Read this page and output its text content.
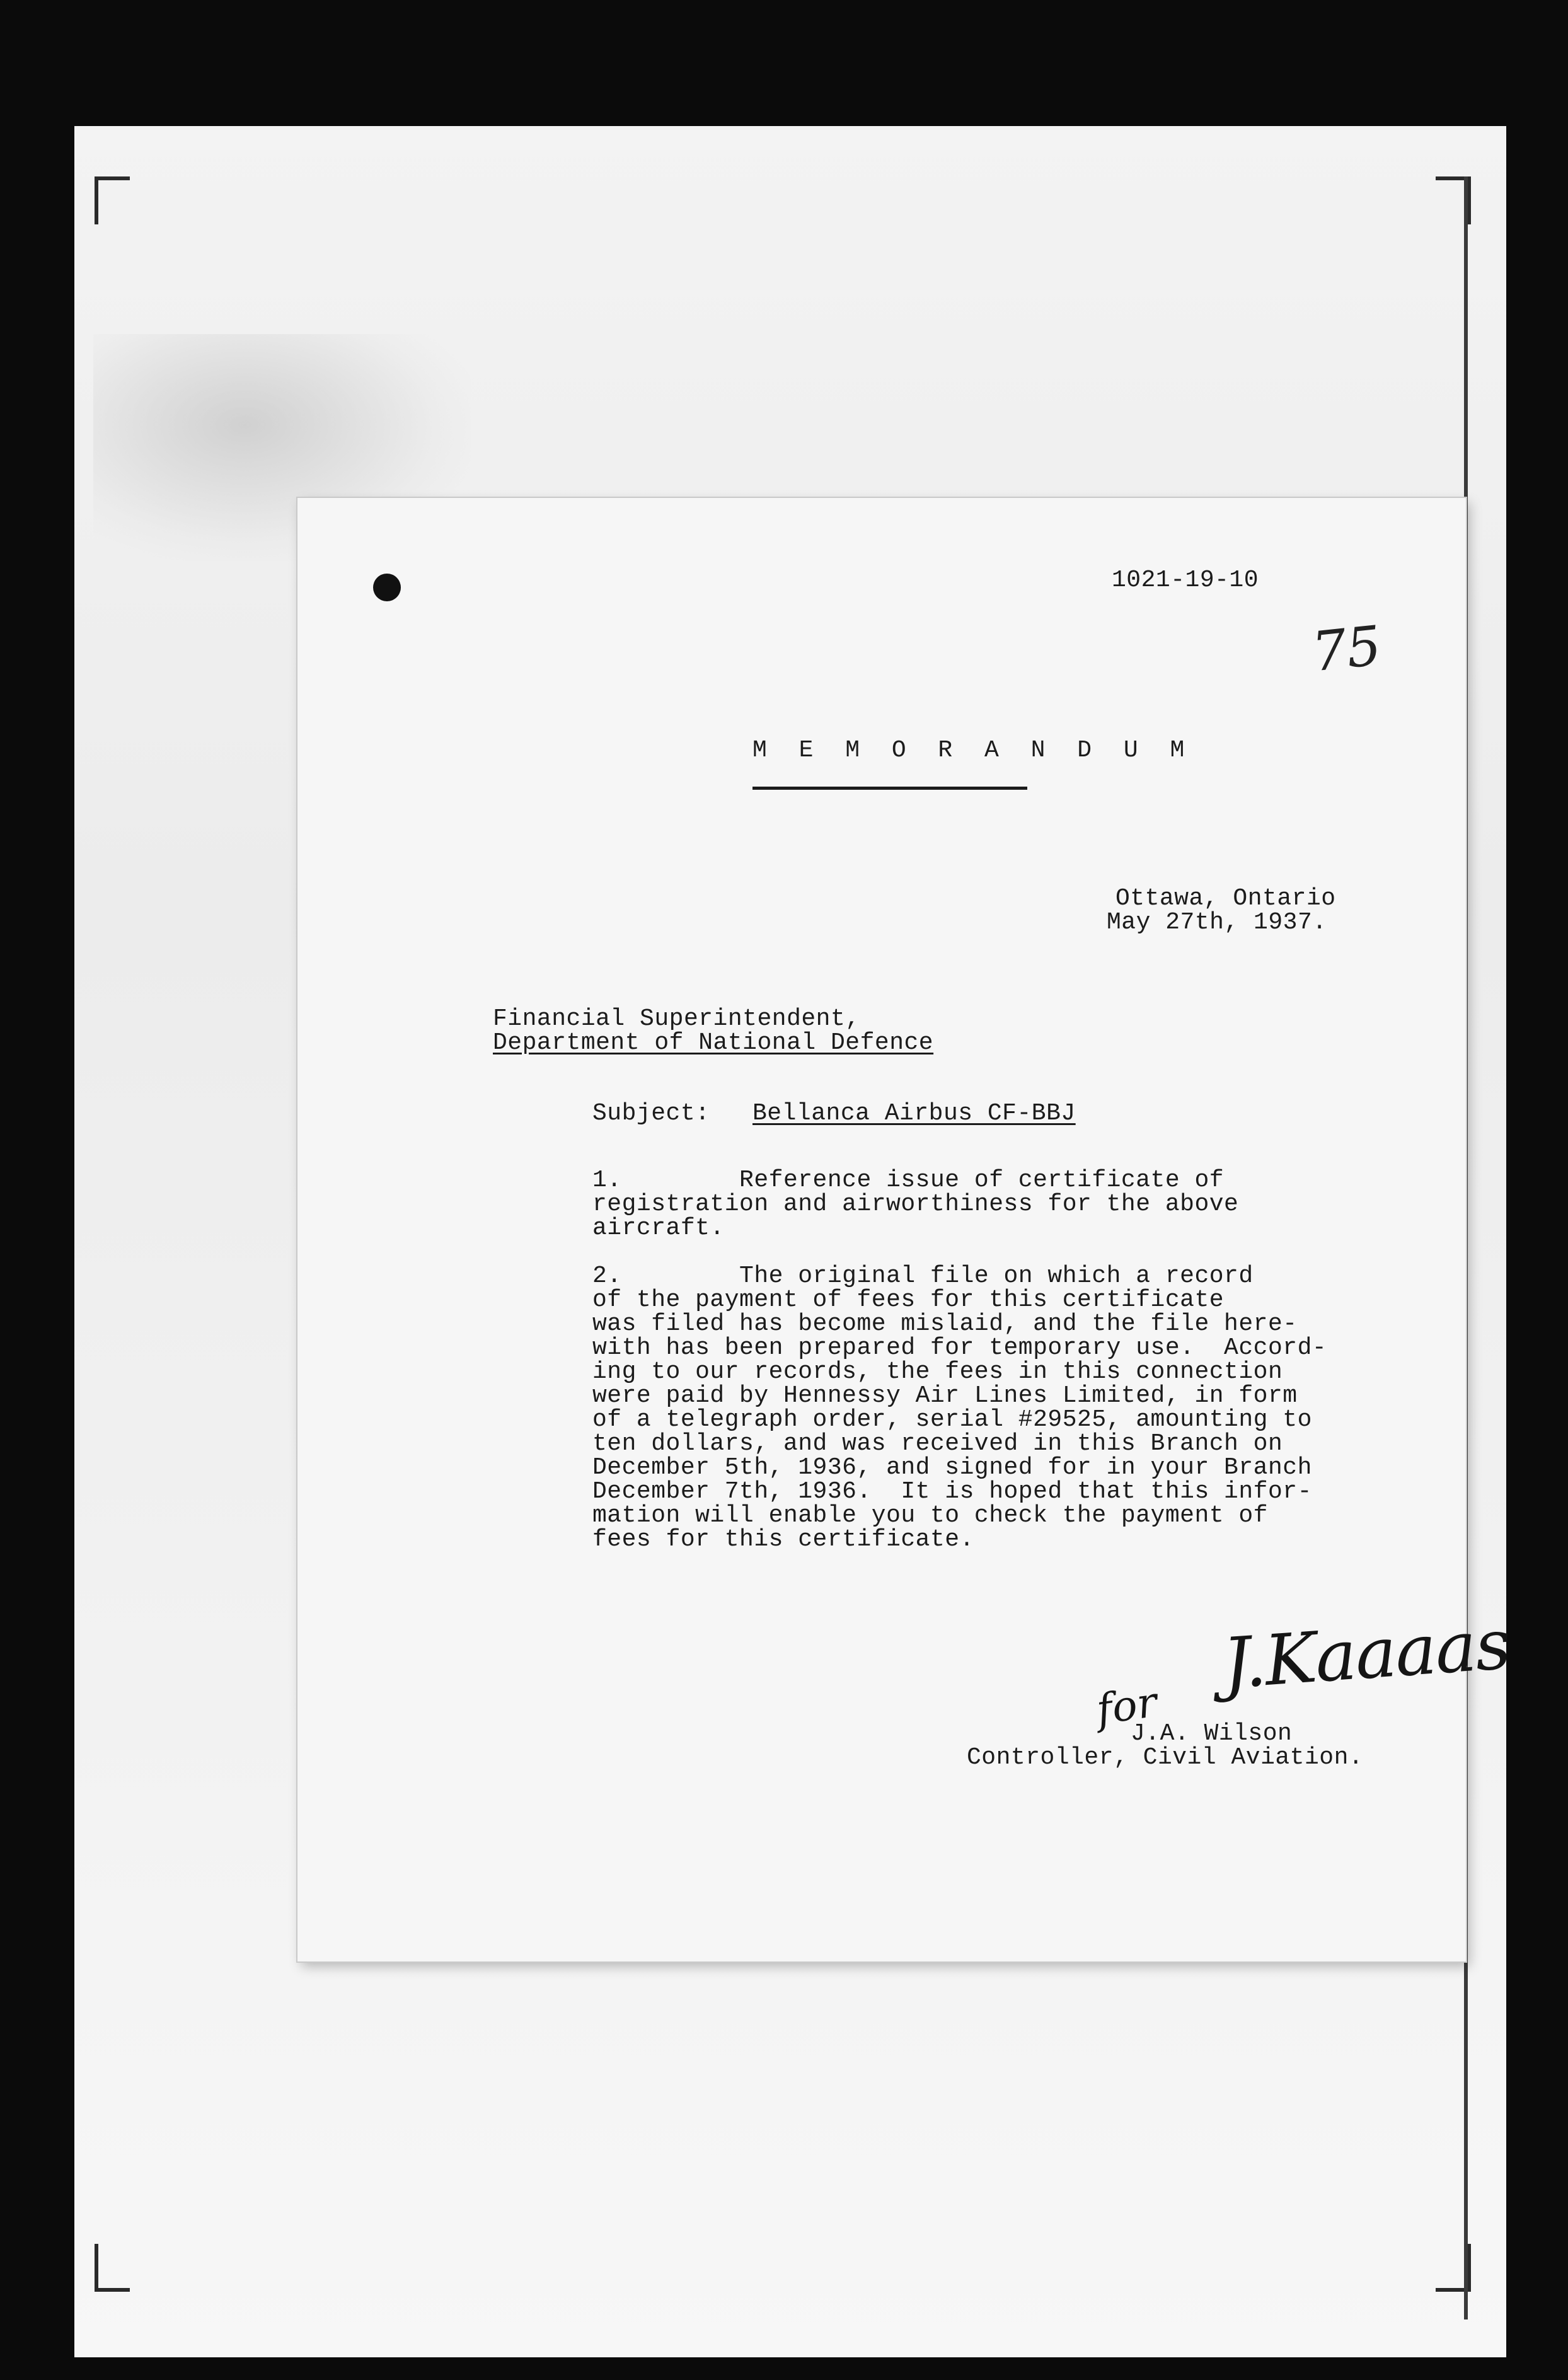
1021-19-10
75
M E M O R A N D U M
Ottawa, Ontario
May 27th, 1937.
Financial Superintendent,
Department of National Defence
Subject: Bellanca Airbus CF-BBJ
1.        Reference issue of certificate of
registration and airworthiness for the above
aircraft.
2.        The original file on which a record
of the payment of fees for this certificate
was filed has become mislaid, and the file here-
with has been prepared for temporary use.  Accord-
ing to our records, the fees in this connection
were paid by Hennessy Air Lines Limited, in form
of a telegraph order, serial #29525, amounting to
ten dollars, and was received in this Branch on
December 5th, 1936, and signed for in your Branch
December 7th, 1936.  It is hoped that this infor-
mation will enable you to check the payment of
fees for this certificate.
J.Kaaaas
for
J.A. Wilson
Controller, Civil Aviation.
